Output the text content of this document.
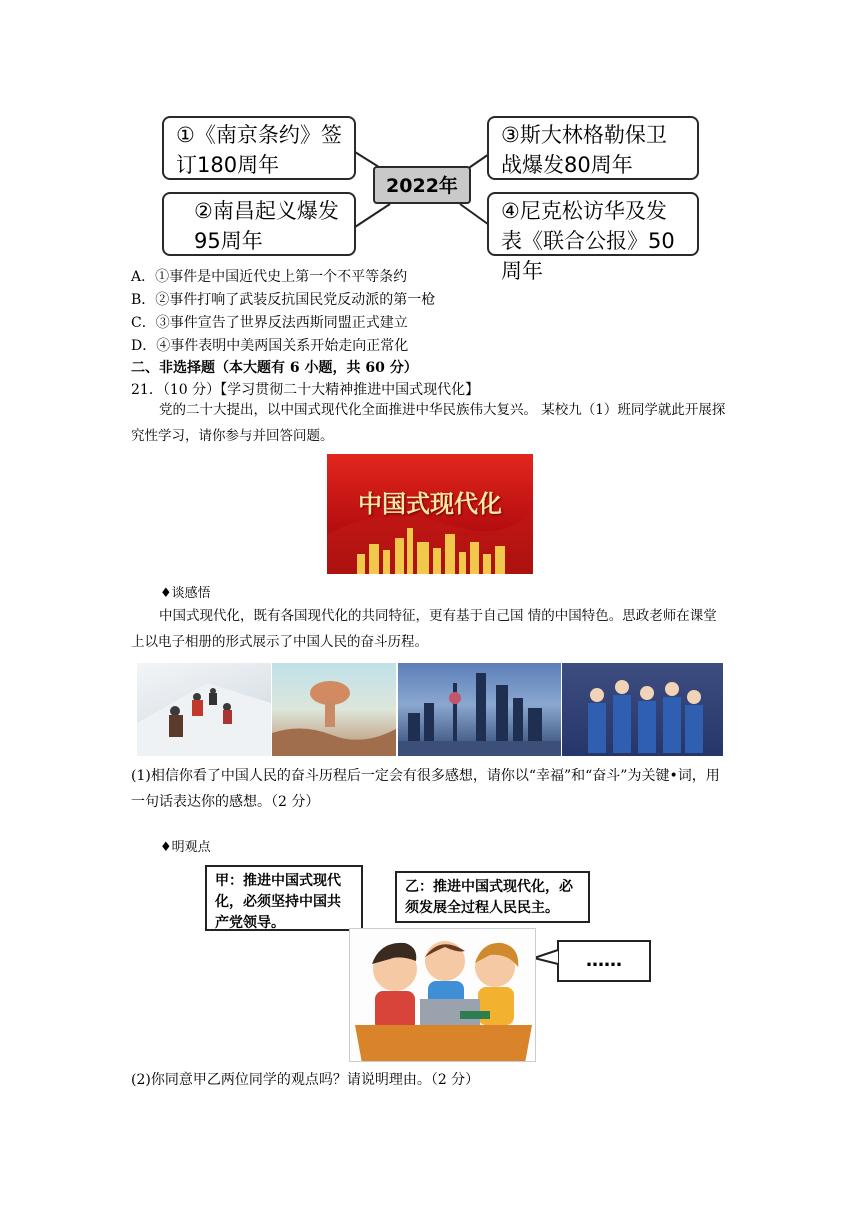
①《南京条约》签订180周年
②南昌起义爆发95周年
2022年
③斯大林格勒保卫战爆发80周年
④尼克松访华及发表《联合公报》50周年
A．①事件是中国近代史上第一个不平等条约
B．②事件打响了武装反抗国民党反动派的第一枪
C．③事件宣告了世界反法西斯同盟正式建立
D．④事件表明中美两国关系开始走向正常化
二、非选择题（本大题有 6 小题，共 60 分）
21．（10 分）【学习贯彻二十大精神推进中国式现代化】
党的二十大提出，以中国式现代化全面推进中华民族伟大复兴。 某校九（1）班同学就此开展探究性学习，请你参与并回答问题。
中国式现代化
♦谈感悟
中国式现代化，既有各国现代化的共同特征，更有基于自己国 情的中国特色。思政老师在课堂上以电子相册的形式展示了中国人民的奋斗历程。
(1)相信你看了中国人民的奋斗历程后一定会有很多感想，请你以“幸福”和“奋斗”为关键•词，用一句话表达你的感想。（2 分）
♦明观点
甲：推进中国式现代化，必须坚持中国共产党领导。
乙：推进中国式现代化，必须发展全过程人民民主。
……
(2)你同意甲乙两位同学的观点吗？请说明理由。（2 分）
